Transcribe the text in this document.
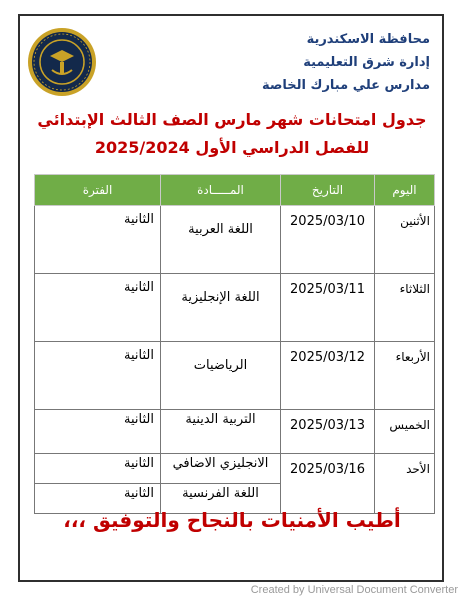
محافظة الاسكندرية
إدارة شرق التعليمية
مدارس علي مبارك الخاصة
جدول امتحانات شهر مارس الصف الثالث الإبتدائي
للفصل الدراسي الأول 2025/2024
اليوم	التاريخ	المـــــادة	الفترة
الأثنين	2025/03/10	اللغة العربية	الثانية
الثلاثاء	2025/03/11	اللغة الإنجليزية	الثانية
الأربعاء	2025/03/12	الرياضيات	الثانية
الخميس	2025/03/13	التربية الدينية	الثانية
الأحد	2025/03/16	الانجليزي الاضافي	الثانية
		اللغة الفرنسية	الثانية
أطيب الأمنيات بالنجاح والتوفيق ،،،
Created by Universal Document Converter
